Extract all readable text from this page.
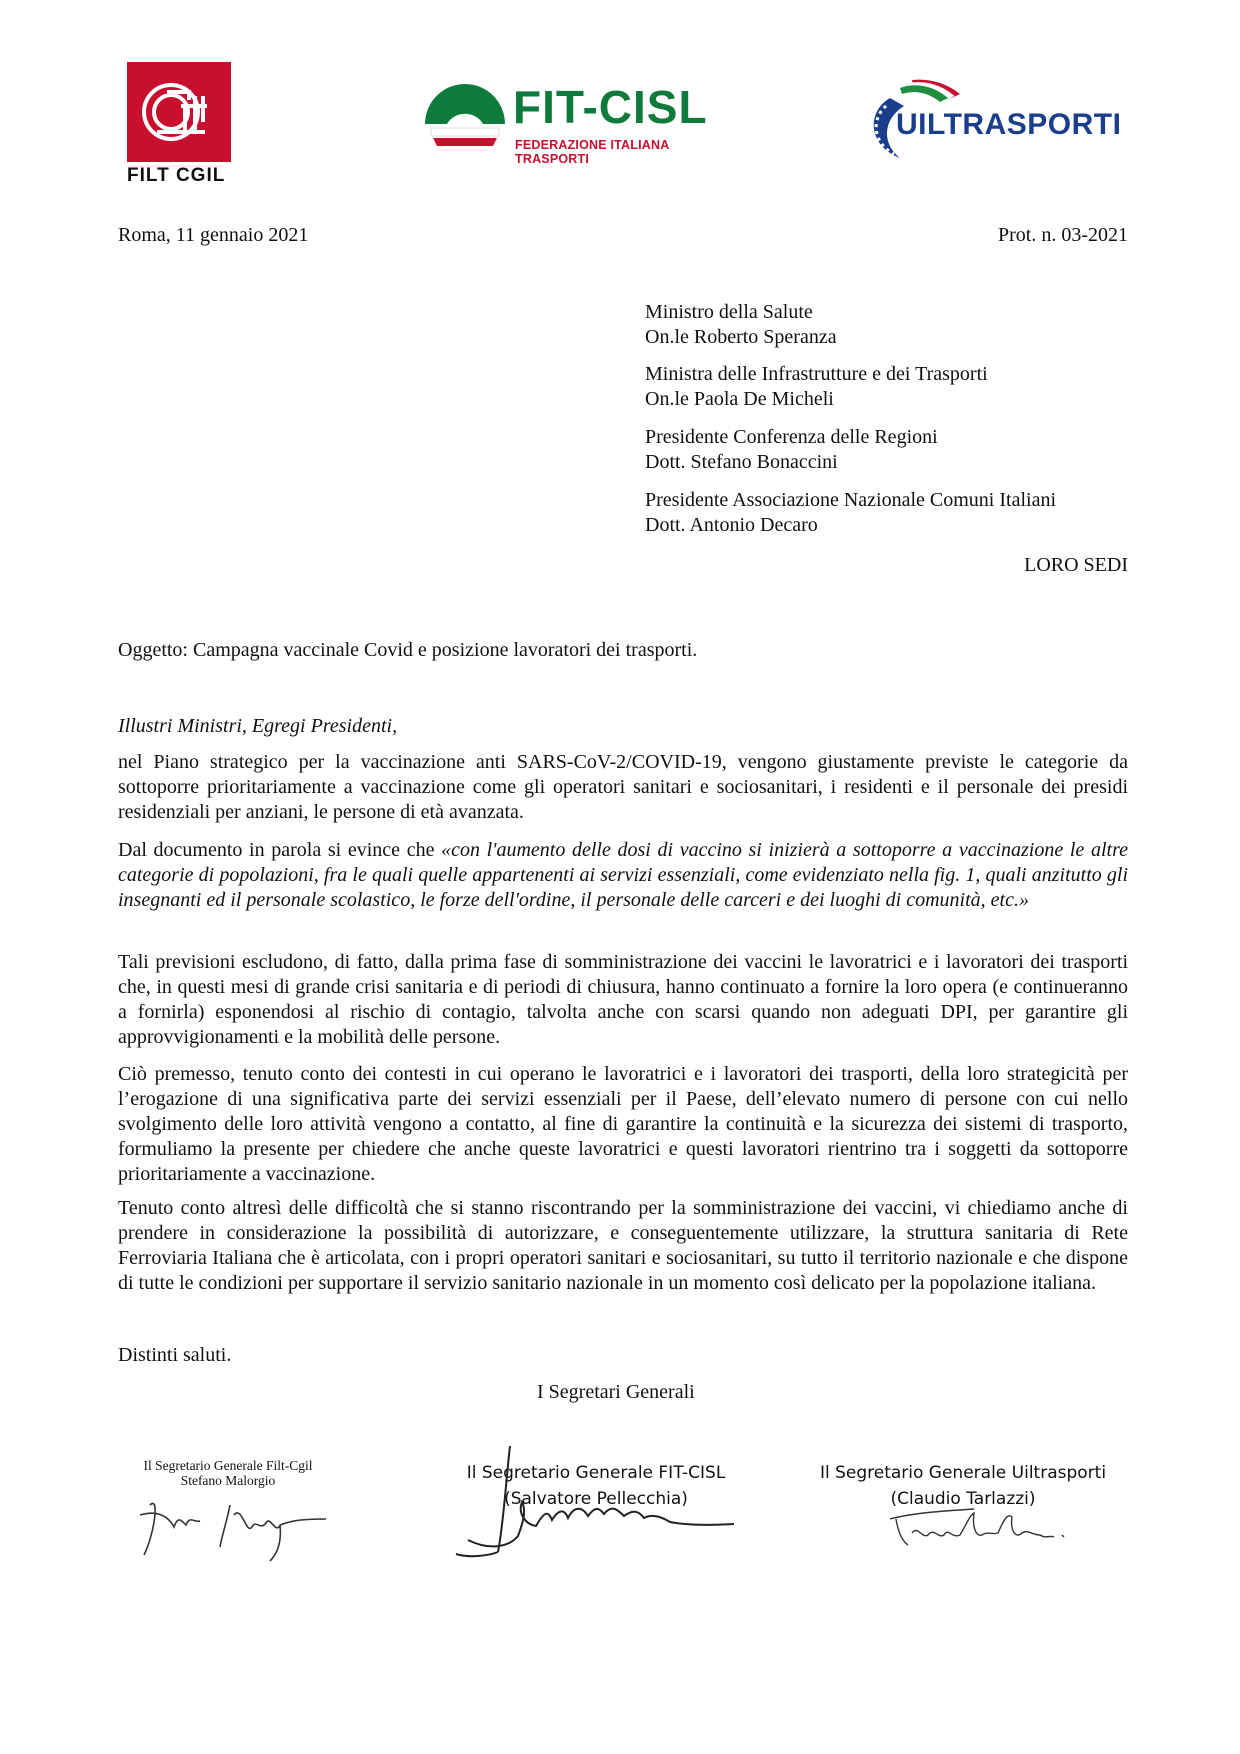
FILT CGIL
FIT-CISL
FEDERAZIONE ITALIANA TRASPORTI
UILTRASPORTI
Roma, 11 gennaio 2021	Prot. n. 03-2021
Ministro della Salute
On.le Roberto Speranza
Ministra delle Infrastrutture e dei Trasporti
On.le Paola De Micheli
Presidente Conferenza delle Regioni
Dott. Stefano Bonaccini
Presidente Associazione Nazionale Comuni Italiani
Dott. Antonio Decaro
LORO SEDI
Oggetto: Campagna vaccinale Covid e posizione lavoratori dei trasporti.
Illustri Ministri, Egregi Presidenti,

nel Piano strategico per la vaccinazione anti SARS-CoV-2/COVID-19, vengono giustamente previste le categorie da sottoporre prioritariamente a vaccinazione come gli operatori sanitari e sociosanitari, i residenti e il personale dei presidi residenziali per anziani, le persone di età avanzata.

Dal documento in parola si evince che «con l'aumento delle dosi di vaccino si inizierà a sottoporre a vaccinazione le altre categorie di popolazioni, fra le quali quelle appartenenti ai servizi essenziali, come evidenziato nella fig. 1, quali anzitutto gli insegnanti ed il personale scolastico, le forze dell'ordine, il personale delle carceri e dei luoghi di comunità, etc.»

Tali previsioni escludono, di fatto, dalla prima fase di somministrazione dei vaccini le lavoratrici e i lavoratori dei trasporti che, in questi mesi di grande crisi sanitaria e di periodi di chiusura, hanno continuato a fornire la loro opera (e continueranno a fornirla) esponendosi al rischio di contagio, talvolta anche con scarsi quando non adeguati DPI, per garantire gli approvvigionamenti e la mobilità delle persone.

Ciò premesso, tenuto conto dei contesti in cui operano le lavoratrici e i lavoratori dei trasporti, della loro strategicità per l’erogazione di una significativa parte dei servizi essenziali per il Paese, dell’elevato numero di persone con cui nello svolgimento delle loro attività vengono a contatto, al fine di garantire la continuità e la sicurezza dei sistemi di trasporto, formuliamo la presente per chiedere che anche queste lavoratrici e questi lavoratori rientrino tra i soggetti da sottoporre prioritariamente a vaccinazione.

Tenuto conto altresì delle difficoltà che si stanno riscontrando per la somministrazione dei vaccini, vi chiediamo anche di prendere in considerazione la possibilità di autorizzare, e conseguentemente utilizzare, la struttura sanitaria di Rete Ferroviaria Italiana che è articolata, con i propri operatori sanitari e sociosanitari, su tutto il territorio nazionale e che dispone di tutte le condizioni per supportare il servizio sanitario nazionale in un momento così delicato per la popolazione italiana.

Distinti saluti.
I Segretari Generali
Il Segretario Generale Filt-Cgil
Stefano Malorgio	Il Segretario Generale FIT-CISL
(Salvatore Pellecchia)
Il Segretario Generale Uiltrasporti
(Claudio Tarlazzi)
